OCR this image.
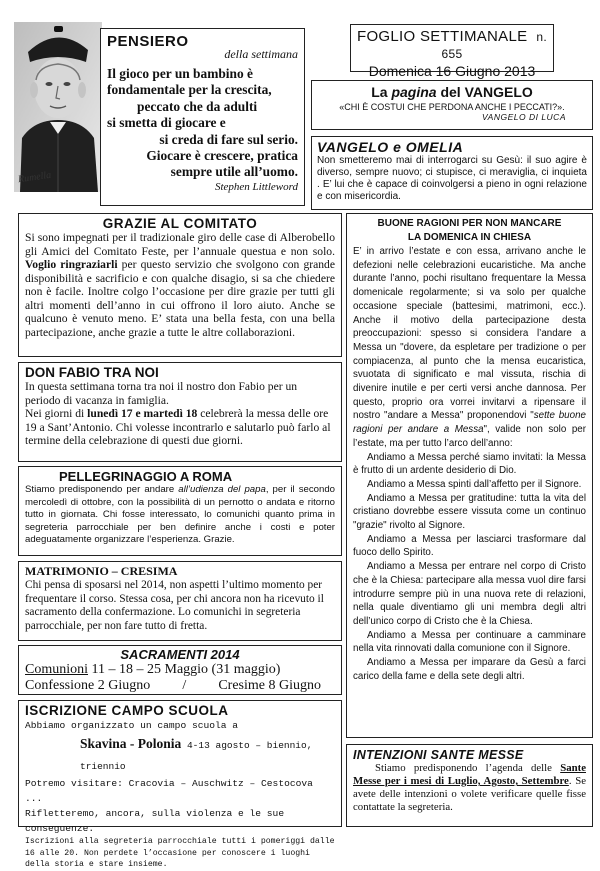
Rumella
PENSIERO
della settimana
Il gioco per un bambino è
fondamentale per la crescita,
peccato che da adulti
si smetta di giocare e
si creda di fare sul serio.
Giocare è crescere, pratica
sempre utile all’uomo.
Stephen Littleword
FOGLIO SETTIMANALE n. 655
Domenica 16 Giugno 2013
La pagina del VANGELO
«CHI È COSTUI CHE PERDONA ANCHE I PECCATI?».
VANGELO DI LUCA
VANGELO e OMELIA
Non smetteremo mai di interrogarci su Gesù: il suo agire è diverso, sempre nuovo; ci stupisce, ci meraviglia, ci inquieta . E’ lui che è capace di coinvolgersi a pieno in ogni relazione e con misericordia.
GRAZIE AL COMITATO

Si sono impegnati per il tradizionale giro delle case di Alberobello gli Amici del Comitato Feste, per l’annuale questua e non solo. Voglio ringraziarli per questo servizio che svolgono con grande disponibilità e sacrificio e con qualche disagio, si sa che chiedere non è facile. Inoltre colgo l’occasione per dire grazie per tutti gli altri momenti dell’anno in cui offrono il loro aiuto. Anche se qualcuno è venuto meno. E’ stata una bella festa, con una bella partecipazione, anche grazie a tutte le altre collaborazioni.

DON FABIO TRA NOI

In questa settimana torna tra noi il nostro don Fabio per un periodo di vacanza in famiglia.

Nei giorni di lunedì 17 e martedì 18 celebrerà la messa delle ore 19 a Sant’Antonio. Chi volesse incontrarlo e salutarlo può farlo al termine della celebrazione di questi due giorni.

PELLEGRINAGGIO A ROMA

Stiamo predisponendo per andare all’udienza del papa, per il secondo mercoledì di ottobre, con la possibilità di un pernotto o andata e ritorno tutto in giornata. Chi fosse interessato, lo comunichi quanto prima in segreteria parrocchiale per ben definire anche i costi e poter adeguatamente organizzare l’esperienza. Grazie.

MATRIMONIO – CRESIMA

Chi pensa di sposarsi nel 2014, non aspetti l’ultimo momento per frequentare il corso. Stessa cosa, per chi ancora non ha ricevuto il sacramento della confermazione. Lo comunichi in segreteria parrocchiale, per non fare tutto di fretta.

SACRAMENTI 2014
Comunioni 11 – 18 – 25 Maggio (31 maggio)
Confessione 2 Giugno / Cresime 8 Giugno
ISCRIZIONE CAMPO SCUOLA
Abbiamo organizzato un campo scuola a
Skavina - Polonia 4-13 agosto – biennio, triennio
Potremo visitare: Cracovia – Auschwitz – Cestocova ...
Rifletteremo, ancora, sulla violenza e le sue conseguenze.
Iscrizioni alla segreteria parrocchiale tutti i pomeriggi dalle 16 alle 20. Non perdete l’occasione per conoscere i luoghi della storia e stare insieme.
BUONE RAGIONI PER NON MANCARE
LA DOMENICA IN CHIESA

E’ in arrivo l’estate e con essa, arrivano anche le defezioni nelle celebrazioni eucaristiche. Ma anche durante l’anno, pochi risultano frequentare la Messa domenicale regolarmente; si va solo per qualche occasione speciale (battesimi, matrimoni, ecc.). Anche il motivo della partecipazione desta preoccupazioni: spesso si considera l’andare a Messa un "dovere, da espletare per tradizione o per compiacenza, al punto che la mensa eucaristica, svuotata di significato e mal vissuta, rischia di divenire inutile e per certi versi anche dannosa. Per questo, proprio ora vorrei invitarvi a ripensare il nostro "andare a Messa" proponendovi "sette buone ragioni per andare a Messa", valide non solo per l’estate, ma per tutto l’arco dell’anno:

Andiamo a Messa perché siamo invitati: la Messa è frutto di un ardente desiderio di Dio.

Andiamo a Messa spinti dall’affetto per il Signore.

Andiamo a Messa per gratitudine: tutta la vita del cristiano dovrebbe essere vissuta come un continuo "grazie" rivolto al Signore.

Andiamo a Messa per lasciarci trasformare dal fuoco dello Spirito.

Andiamo a Messa per entrare nel corpo di Cristo che è la Chiesa: partecipare alla messa vuol dire farsi introdurre sempre più in una nuova rete di relazioni, nella quale diventiamo gli uni membra degli altri dell’unico corpo di Cristo che è la Chiesa.

Andiamo a Messa per continuare a camminare nella vita rinnovati dalla comunione con il Signore.

Andiamo a Messa per imparare da Gesù a farci carico della fame e della sete degli altri.

INTENZIONI SANTE MESSE

Stiamo predisponendo l’agenda delle Sante Messe per i mesi di Luglio, Agosto, Settembre. Se avete delle intenzioni o volete verificare quelle fisse contattate la segreteria.
